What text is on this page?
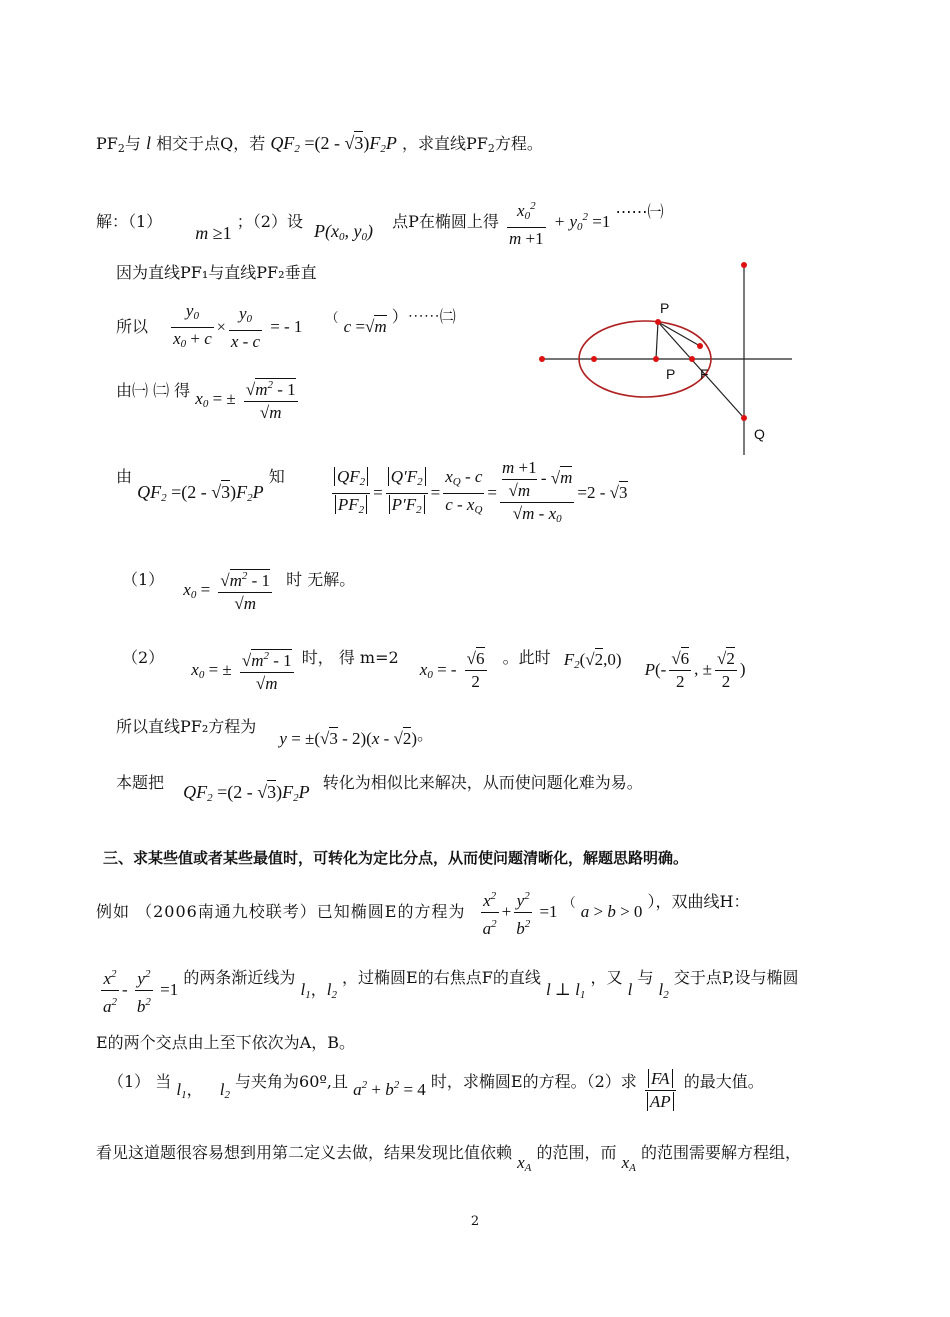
$PF_2$与 l 相交于点Q，若 $QF_2 =(2 - √3)F_2P$ ，求直线$PF_2$方程。
解：（1） m ≥1 ；（2）设 $P(x_0$, $y_0$) 点P在椭圆上得 $\frac{x_0^2}{m +1} + y_0^2 =1$ ⋯⋯㈠
因为直线PF₁与直线PF₂垂直
所以 $\frac{y_0}{x_0 + c} \times \frac{y_0}{x - c}$ = - 1 （ c =√m ）⋯⋯㈡
由㈠ ㈡ 得 $x_0$ = ± $\frac{√m^2 - 1}{√m}$
由 $QF_2 =(2 - √3)F_2P$ 知	$\frac{QF_2}{PF_2} = \frac{Q'F_2}{P'F_2} = \frac{x_Q - c}{c - x_Q} = \frac{\frac{m +1}{√m} - √m}{√m - x_0} =2 - √3$
（1） $x_0 = \frac{√m^2 - 1}{√m}$ 时 无解。
（2） $x_0$ = ± $\frac{√m^2 - 1}{√m}$ 时， 得 m=2 $x_0$ = - $\frac{√6}{2}$ 。此时 $F_2(√2,0)$ $P(- \frac{√6}{2}$ , ± $\frac{√2}{2}$ )
所以直线PF₂方程为 y = ±(√3 - 2)(x - √2)。
本题把 $QF_2 =(2 - √3)F_2P$ 转化为相似比来解决，从而使问题化难为易。
三、求某些值或者某些最值时，可转化为定比分点，从而使问题清晰化，解题思路明确。
例如 （2006南通九校联考）已知椭圆E的方程为 $\frac{x^2}{a^2} + \frac{y^2}{b^2} =1$ （ a > b > 0 ），双曲线H：
$\frac{x^2}{a^2} - \frac{y^2}{b^2} =1$ 的两条渐近线为 $l_1$，$l_2$ ，过椭圆E的右焦点F的直线 l ⊥ $l_1$ ，又 l 与 $l_2$ 交于点P,设与椭圆
E的两个交点由上至下依次为A，B。
（1） 当 $l_1$， $l_2$ 与夹角为60º,且 $a^2 + b^2 = 4$ 时，求椭圆E的方程。（2）求 $\frac{FA}{AP}$ 的最大值。
看见这道题很容易想到用第二定义去做，结果发现比值依赖 $x_A$ 的范围，而 $x_A$ 的范围需要解方程组，
P
P F
Q
2
